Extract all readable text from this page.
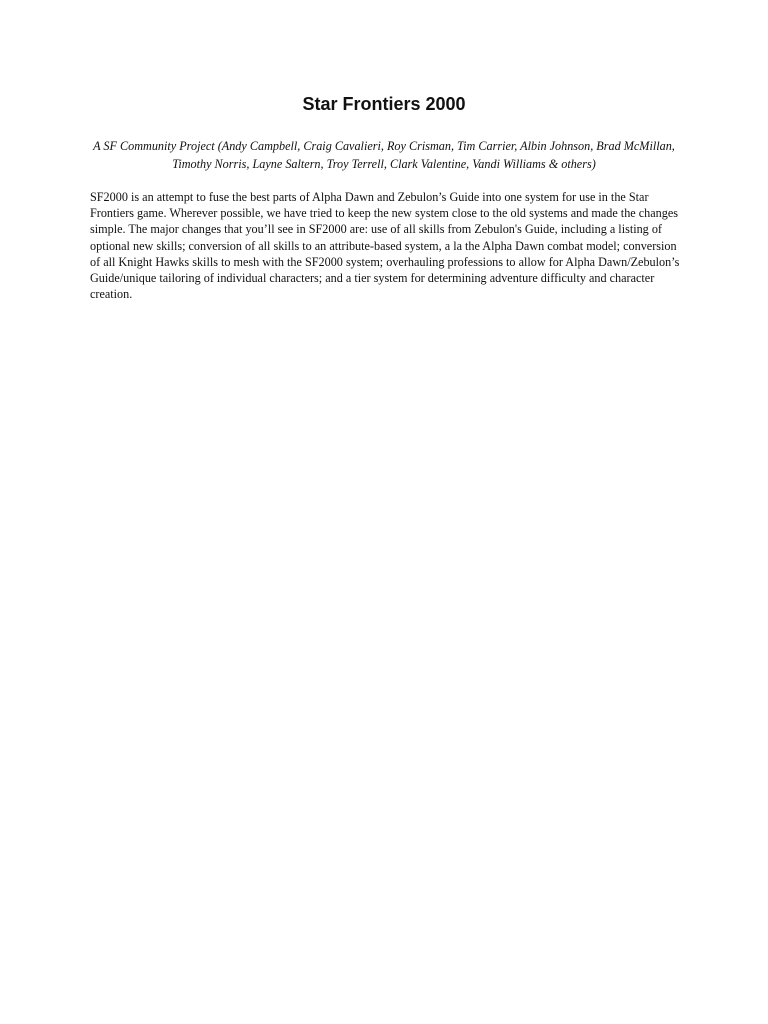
Star Frontiers 2000

A SF Community Project (Andy Campbell, Craig Cavalieri, Roy Crisman, Tim Carrier, Albin Johnson, Brad McMillan, Timothy Norris, Layne Saltern, Troy Terrell, Clark Valentine, Vandi Williams & others)

SF2000 is an attempt to fuse the best parts of Alpha Dawn and Zebulon’s Guide into one system for use in the Star Frontiers game. Wherever possible, we have tried to keep the new system close to the old systems and made the changes simple. The major changes that you’ll see in SF2000 are: use of all skills from Zebulon's Guide, including a listing of optional new skills; conversion of all skills to an attribute-based system, a la the Alpha Dawn combat model; conversion of all Knight Hawks skills to mesh with the SF2000 system; overhauling professions to allow for Alpha Dawn/Zebulon’s Guide/unique tailoring of individual characters; and a tier system for determining adventure difficulty and character creation.
